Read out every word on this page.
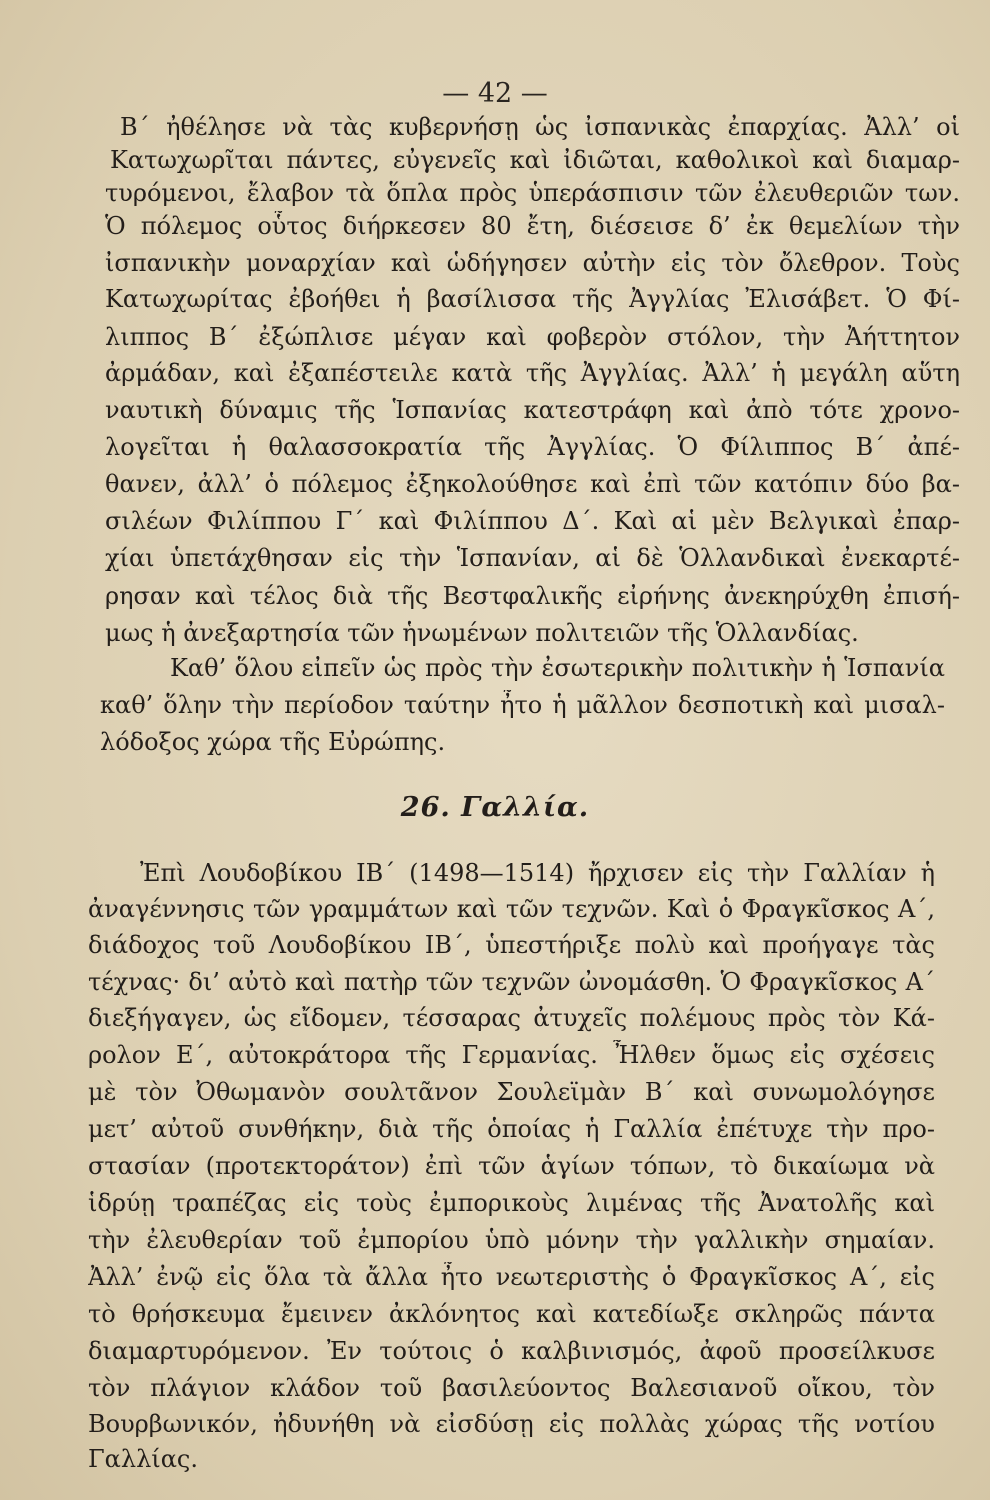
— 42 —

Β΄ ἠθέλησε νὰ τὰς κυβερνήσῃ ὡς ἰσπανικὰς ἐπαρχίας. Ἀλλ’ οἱ

Κατωχωρῖται πάντες, εὐγενεῖς καὶ ἰδιῶται, καθολικοὶ καὶ διαμαρ-

τυρόμενοι, ἔλαβον τὰ ὅπλα πρὸς ὑπεράσπισιν τῶν ἐλευθεριῶν των.

Ὁ πόλεμος οὗτος διήρκεσεν 80 ἔτη, διέσεισε δ’ ἐκ θεμελίων τὴν

ἰσπανικὴν μοναρχίαν καὶ ὡδήγησεν αὐτὴν εἰς τὸν ὄλεθρον. Τοὺς

Κατωχωρίτας ἐβοήθει ἡ βασίλισσα τῆς Ἀγγλίας Ἐλισάβετ. Ὁ Φί-

λιππος Β΄ ἐξώπλισε μέγαν καὶ φοβερὸν στόλον, τὴν Ἀήττητον

ἀρμάδαν, καὶ ἐξαπέστειλε κατὰ τῆς Ἀγγλίας. Ἀλλ’ ἡ μεγάλη αὕτη

ναυτικὴ δύναμις τῆς Ἱσπανίας κατεστράφη καὶ ἀπὸ τότε χρονο-

λογεῖται ἡ θαλασσοκρατία τῆς Ἀγγλίας. Ὁ Φίλιππος Β΄ ἀπέ-

θανεν, ἀλλ’ ὁ πόλεμος ἐξηκολούθησε καὶ ἐπὶ τῶν κατόπιν δύο βα-

σιλέων Φιλίππου Γ΄ καὶ Φιλίππου Δ΄. Καὶ αἱ μὲν Βελγικαὶ ἐπαρ-

χίαι ὑπετάχθησαν εἰς τὴν Ἱσπανίαν, αἱ δὲ Ὁλλανδικαὶ ἐνεκαρτέ-

ρησαν καὶ τέλος διὰ τῆς Βεστφαλικῆς εἰρήνης ἀνεκηρύχθη ἐπισή-

μως ἡ ἀνεξαρτησία τῶν ἡνωμένων πολιτειῶν τῆς Ὁλλανδίας.

Καθ’ ὅλου εἰπεῖν ὡς πρὸς τὴν ἐσωτερικὴν πολιτικὴν ἡ Ἱσπανία

καθ’ ὅλην τὴν περίοδον ταύτην ἦτο ἡ μᾶλλον δεσποτικὴ καὶ μισαλ-

λόδοξος χώρα τῆς Εὐρώπης.

26. Γαλλία.

Ἐπὶ Λουδοβίκου ΙΒ΄ (1498—1514) ἤρχισεν εἰς τὴν Γαλλίαν ἡ

ἀναγέννησις τῶν γραμμάτων καὶ τῶν τεχνῶν. Καὶ ὁ Φραγκῖσκος Α΄,

διάδοχος τοῦ Λουδοβίκου ΙΒ΄, ὑπεστήριξε πολὺ καὶ προήγαγε τὰς

τέχνας· δι’ αὐτὸ καὶ πατὴρ τῶν τεχνῶν ὠνομάσθη. Ὁ Φραγκῖσκος Α΄

διεξήγαγεν, ὡς εἴδομεν, τέσσαρας ἀτυχεῖς πολέμους πρὸς τὸν Κά-

ρολον Ε΄, αὐτοκράτορα τῆς Γερμανίας. Ἦλθεν ὅμως εἰς σχέσεις

μὲ τὸν Ὀθωμανὸν σουλτᾶνον Σουλεϊμὰν Β΄ καὶ συνωμολόγησε

μετ’ αὐτοῦ συνθήκην, διὰ τῆς ὁποίας ἡ Γαλλία ἐπέτυχε τὴν προ-

στασίαν (προτεκτοράτον) ἐπὶ τῶν ἁγίων τόπων, τὸ δικαίωμα νὰ

ἱδρύῃ τραπέζας εἰς τοὺς ἐμπορικοὺς λιμένας τῆς Ἀνατολῆς καὶ

τὴν ἐλευθερίαν τοῦ ἐμπορίου ὑπὸ μόνην τὴν γαλλικὴν σημαίαν.

Ἀλλ’ ἐνῷ εἰς ὅλα τὰ ἄλλα ἦτο νεωτεριστὴς ὁ Φραγκῖσκος Α΄, εἰς

τὸ θρήσκευμα ἔμεινεν ἀκλόνητος καὶ κατεδίωξε σκληρῶς πάντα

διαμαρτυρόμενον. Ἐν τούτοις ὁ καλβινισμός, ἀφοῦ προσείλκυσε

τὸν πλάγιον κλάδον τοῦ βασιλεύοντος Βαλεσιανοῦ οἴκου, τὸν

Βουρβωνικόν, ἠδυνήθη νὰ εἰσδύσῃ εἰς πολλὰς χώρας τῆς νοτίου

Γαλλίας.
